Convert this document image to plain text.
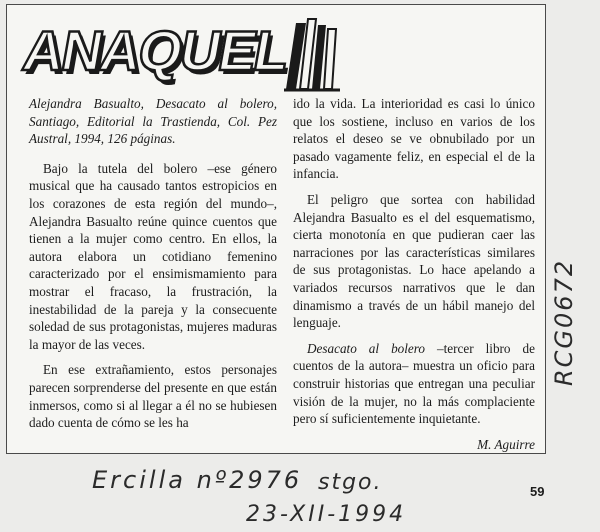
ANAQUEL

Alejandra Basualto, Desacato al bolero, Santiago, Editorial la Trastienda, Col. Pez Austral, 1994, 126 páginas.

Bajo la tutela del bolero –ese género musical que ha causado tantos estropicios en los corazones de esta región del mundo–, Alejandra Basualto reúne quince cuentos que tienen a la mujer como centro. En ellos, la autora elabora un cotidiano femenino caracterizado por el ensimismamiento para mostrar el fracaso, la frustración, la inestabilidad de la pareja y la consecuente soledad de sus protagonistas, mujeres maduras la mayor de las veces.

En ese extrañamiento, estos personajes parecen sorprenderse del presente en que están inmersos, como si al llegar a él no se hubiesen dado cuenta de cómo se les ha

ido la vida. La interioridad es casi lo único que los sostiene, incluso en varios de los relatos el deseo se ve obnubilado por un pasado vagamente feliz, en especial el de la infancia.

El peligro que sortea con habilidad Alejandra Basualto es el del esquematismo, cierta monotonía en que pudieran caer las narraciones por las características similares de sus protagonistas. Lo hace apelando a variados recursos narrativos que le dan dinamismo a través de un hábil manejo del lenguaje.

Desacato al bolero –tercer libro de cuentos de la autora– muestra un oficio para construir historias que entregan una peculiar visión de la mujer, no la más complaciente pero sí suficientemente inquietante.

M. Aguirre
Ercilla nº2976 stgo.
23-XII-1994
RCG0672
59
